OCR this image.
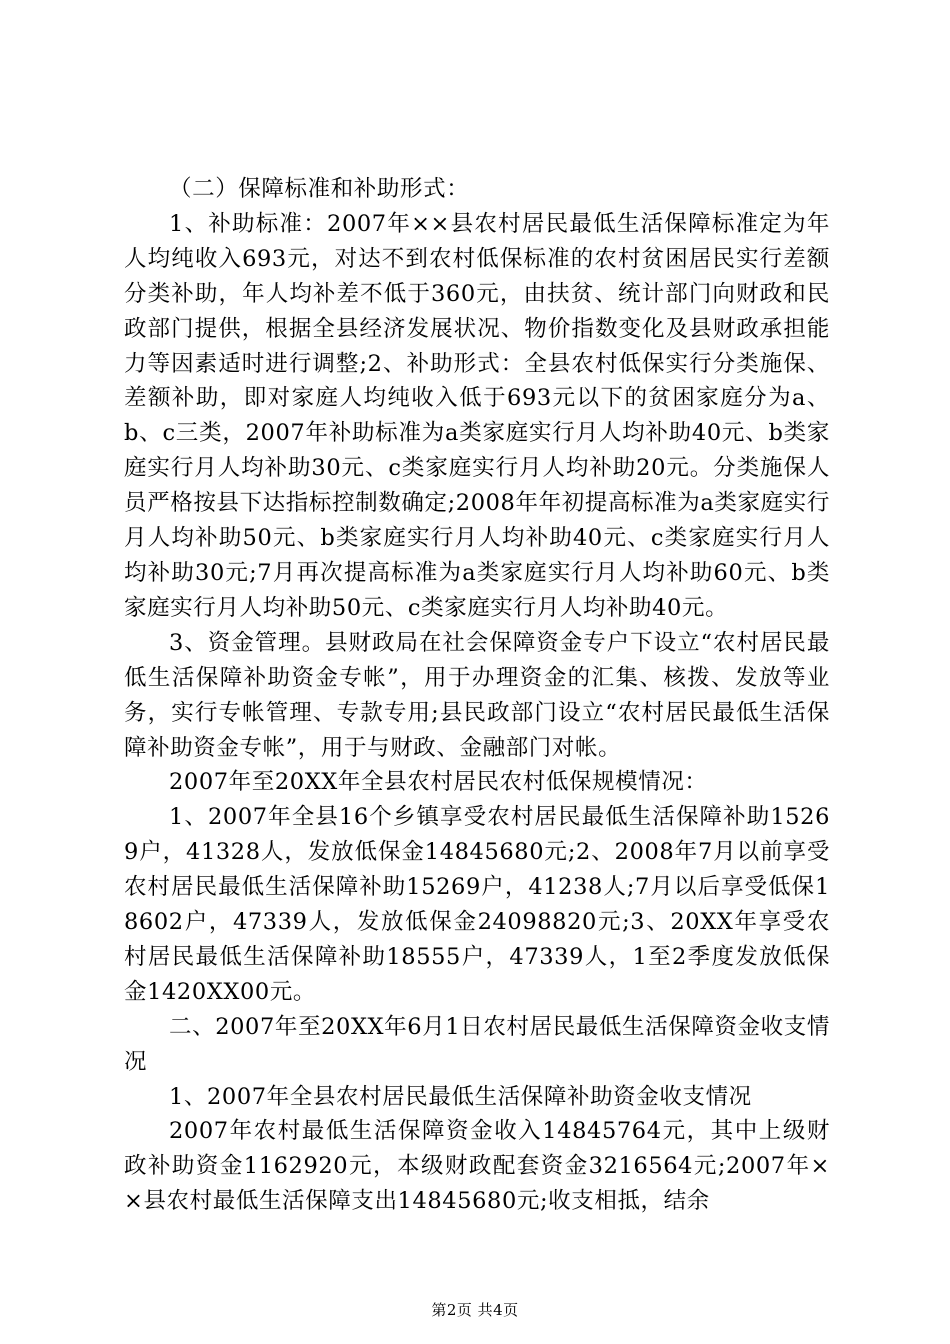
（二）保障标准和补助形式：

1、补助标准：2007年××县农村居民最低生活保障标准定为年人均纯收入693元，对达不到农村低保标准的农村贫困居民实行差额分类补助，年人均补差不低于360元，由扶贫、统计部门向财政和民政部门提供，根据全县经济发展状况、物价指数变化及县财政承担能力等因素适时进行调整;2、补助形式：全县农村低保实行分类施保、差额补助，即对家庭人均纯收入低于693元以下的贫困家庭分为a、b、c三类，2007年补助标准为a类家庭实行月人均补助40元、b类家庭实行月人均补助30元、c类家庭实行月人均补助20元。分类施保人员严格按县下达指标控制数确定;2008年年初提高标准为a类家庭实行月人均补助50元、b类家庭实行月人均补助40元、c类家庭实行月人均补助30元;7月再次提高标准为a类家庭实行月人均补助60元、b类家庭实行月人均补助50元、c类家庭实行月人均补助40元。

3、资金管理。县财政局在社会保障资金专户下设立“农村居民最低生活保障补助资金专帐”，用于办理资金的汇集、核拨、发放等业务，实行专帐管理、专款专用;县民政部门设立“农村居民最低生活保障补助资金专帐”，用于与财政、金融部门对帐。

2007年至20XX年全县农村居民农村低保规模情况：

1、2007年全县16个乡镇享受农村居民最低生活保障补助15269户，41328人，发放低保金14845680元;2、2008年7月以前享受农村居民最低生活保障补助15269户，41238人;7月以后享受低保18602户，47339人，发放低保金24098820元;3、20XX年享受农村居民最低生活保障补助18555户，47339人，1至2季度发放低保金1420XX00元。

二、2007年至20XX年6月1日农村居民最低生活保障资金收支情况

1、2007年全县农村居民最低生活保障补助资金收支情况

2007年农村最低生活保障资金收入14845764元，其中上级财政补助资金1162920元，本级财政配套资金3216564元;2007年××县农村最低生活保障支出14845680元;收支相抵，结余

第2页 共4页
